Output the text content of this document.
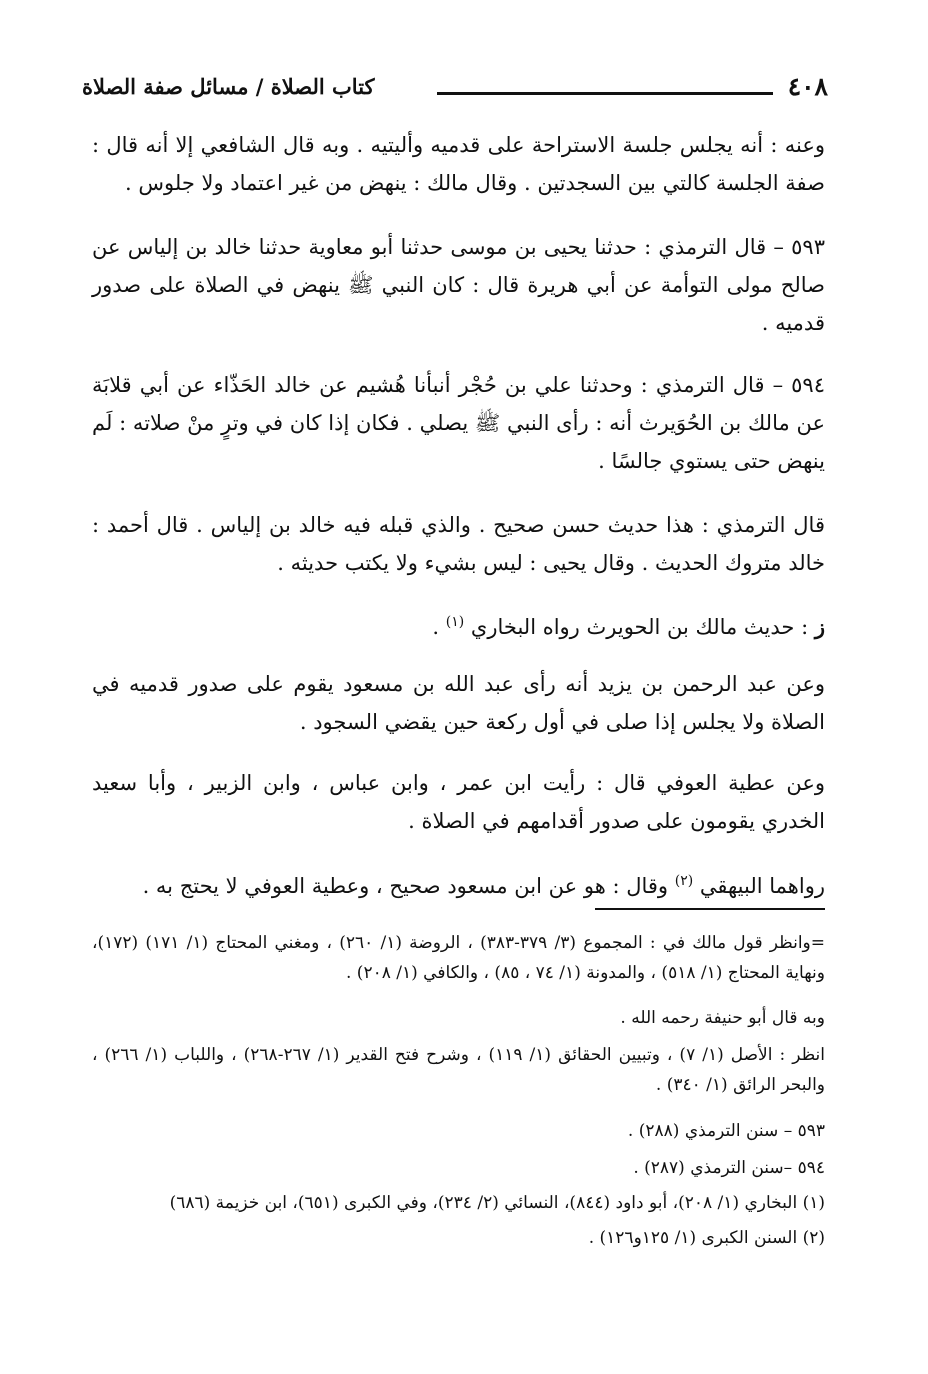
٤٠٨
كتاب الصلاة / مسائل صفة الصلاة
وعنه : أنه يجلس جلسة الاستراحة على قدميه وأليتيه . وبه قال الشافعي إلا أنه قال : صفة الجلسة كالتي بين السجدتين . وقال مالك : ينهض من غير اعتماد ولا جلوس .
٥٩٣ – قال الترمذي : حدثنا يحيى بن موسى حدثنا أبو معاوية حدثنا خالد بن إلياس عن صالح مولى التوأمة عن أبي هريرة قال : كان النبي ﷺ ينهض في الصلاة على صدور قدميه .
٥٩٤ – قال الترمذي : وحدثنا علي بن حُجْر أنبأنا هُشيم عن خالد الحَذّاء عن أبي قلابَة عن مالك بن الحُوَيرث أنه : رأى النبي ﷺ يصلي . فكان إذا كان في وترٍ منْ صلاته : لَم ينهض حتى يستوي جالسًا .
قال الترمذي : هذا حديث حسن صحيح . والذي قبله فيه خالد بن إلياس . قال أحمد : خالد متروك الحديث . وقال يحيى : ليس بشيء ولا يكتب حديثه .
ز : حديث مالك بن الحويرث رواه البخاري $^{(١)}$ .
وعن عبد الرحمن بن يزيد أنه رأى عبد الله بن مسعود يقوم على صدور قدميه في الصلاة ولا يجلس إذا صلى في أول ركعة حين يقضي السجود .
وعن عطية العوفي قال : رأيت ابن عمر ، وابن عباس ، وابن الزبير ، وأبا سعيد الخدري يقومون على صدور أقدامهم في الصلاة .
رواهما البيهقي $^{(٢)}$ وقال : هو عن ابن مسعود صحيح ، وعطية العوفي لا يحتج به .
=وانظر قول مالك في : المجموع (٣/ ٣٧٩-٣٨٣) ، الروضة (١/ ٢٦٠) ، ومغني المحتاج (١/ ١٧١) (١٧٢)، ونهاية المحتاج (١/ ٥١٨) ، والمدونة (١/ ٧٤ ، ٨٥) ، والكافي (١/ ٢٠٨) .
وبه قال أبو حنيفة رحمه الله .
انظر : الأصل (١/ ٧) ، وتبيين الحقائق (١/ ١١٩) ، وشرح فتح القدير (١/ ٢٦٧-٢٦٨) ، واللباب (١/ ٢٦٦) ، والبحر الرائق (١/ ٣٤٠) .
٥٩٣ – سنن الترمذي (٢٨٨) .
٥٩٤ –سنن الترمذي (٢٨٧) .
(١) البخاري (١/ ٢٠٨)، أبو داود (٨٤٤)، النسائي (٢/ ٢٣٤)، وفي الكبرى (٦٥١)، ابن خزيمة (٦٨٦)
(٢) السنن الكبرى (١/ ١٢٥و١٢٦) .
